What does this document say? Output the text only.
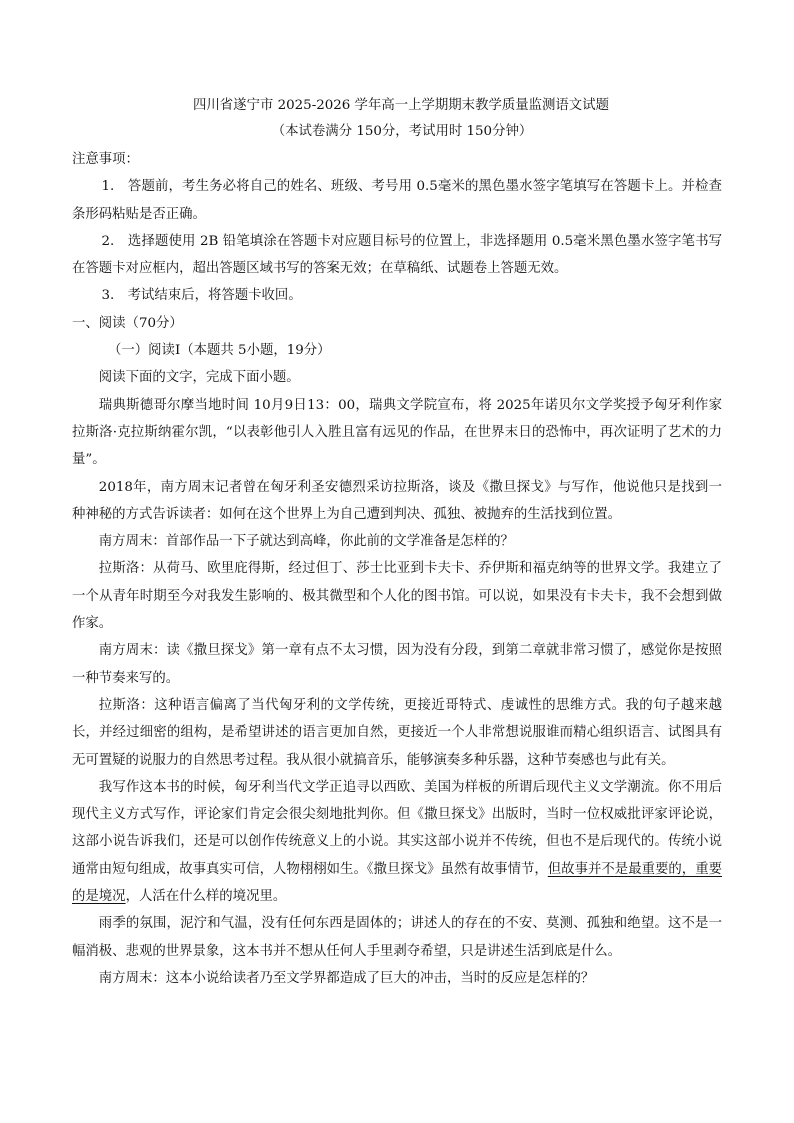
四川省遂宁市 2025-2026 学年高一上学期期末教学质量监测语文试题
（本试卷满分 150分，考试用时 150分钟）

注意事项：

1.　答题前，考生务必将自己的姓名、班级、考号用 0.5毫米的黑色墨水签字笔填写在答题卡上。并检查条形码粘贴是否正确。

2.　选择题使用 2B 铅笔填涂在答题卡对应题目标号的位置上，非选择题用 0.5毫米黑色墨水签字笔书写在答题卡对应框内，超出答题区域书写的答案无效；在草稿纸、试题卷上答题无效。

3.　考试结束后，将答题卡收回。

一、阅读（70分）

（一）阅读Ⅰ（本题共 5小题，19分）

阅读下面的文字，完成下面小题。

瑞典斯德哥尔摩当地时间 10月9日13：00，瑞典文学院宣布，将 2025年诺贝尔文学奖授予匈牙利作家拉斯洛·克拉斯纳霍尔凯，“以表彰他引人入胜且富有远见的作品，在世界末日的恐怖中，再次证明了艺术的力量”。

2018年，南方周末记者曾在匈牙利圣安德烈采访拉斯洛，谈及《撒旦探戈》与写作，他说他只是找到一种神秘的方式告诉读者：如何在这个世界上为自己遭到判决、孤独、被抛弃的生活找到位置。

南方周末：首部作品一下子就达到高峰，你此前的文学准备是怎样的？

拉斯洛：从荷马、欧里庇得斯，经过但丁、莎士比亚到卡夫卡、乔伊斯和福克纳等的世界文学。我建立了一个从青年时期至今对我发生影响的、极其微型和个人化的图书馆。可以说，如果没有卡夫卡，我不会想到做作家。

南方周末：读《撒旦探戈》第一章有点不太习惯，因为没有分段，到第二章就非常习惯了，感觉你是按照一种节奏来写的。

拉斯洛：这种语言偏离了当代匈牙利的文学传统，更接近哥特式、虔诚性的思维方式。我的句子越来越长，并经过细密的组构，是希望讲述的语言更加自然，更接近一个人非常想说服谁而精心组织语言、试图具有无可置疑的说服力的自然思考过程。我从很小就搞音乐，能够演奏多种乐器，这种节奏感也与此有关。

我写作这本书的时候，匈牙利当代文学正追寻以西欧、美国为样板的所谓后现代主义文学潮流。你不用后现代主义方式写作，评论家们肯定会很尖刻地批判你。但《撒旦探戈》出版时，当时一位权威批评家评论说，这部小说告诉我们，还是可以创作传统意义上的小说。其实这部小说并不传统，但也不是后现代的。传统小说通常由短句组成，故事真实可信，人物栩栩如生。《撒旦探戈》虽然有故事情节，但故事并不是最重要的，重要的是境况，人活在什么样的境况里。

雨季的氛围，泥泞和气温，没有任何东西是固体的；讲述人的存在的不安、莫测、孤独和绝望。这不是一幅消极、悲观的世界景象，这本书并不想从任何人手里剥夺希望，只是讲述生活到底是什么。

南方周末：这本小说给读者乃至文学界都造成了巨大的冲击，当时的反应是怎样的？
